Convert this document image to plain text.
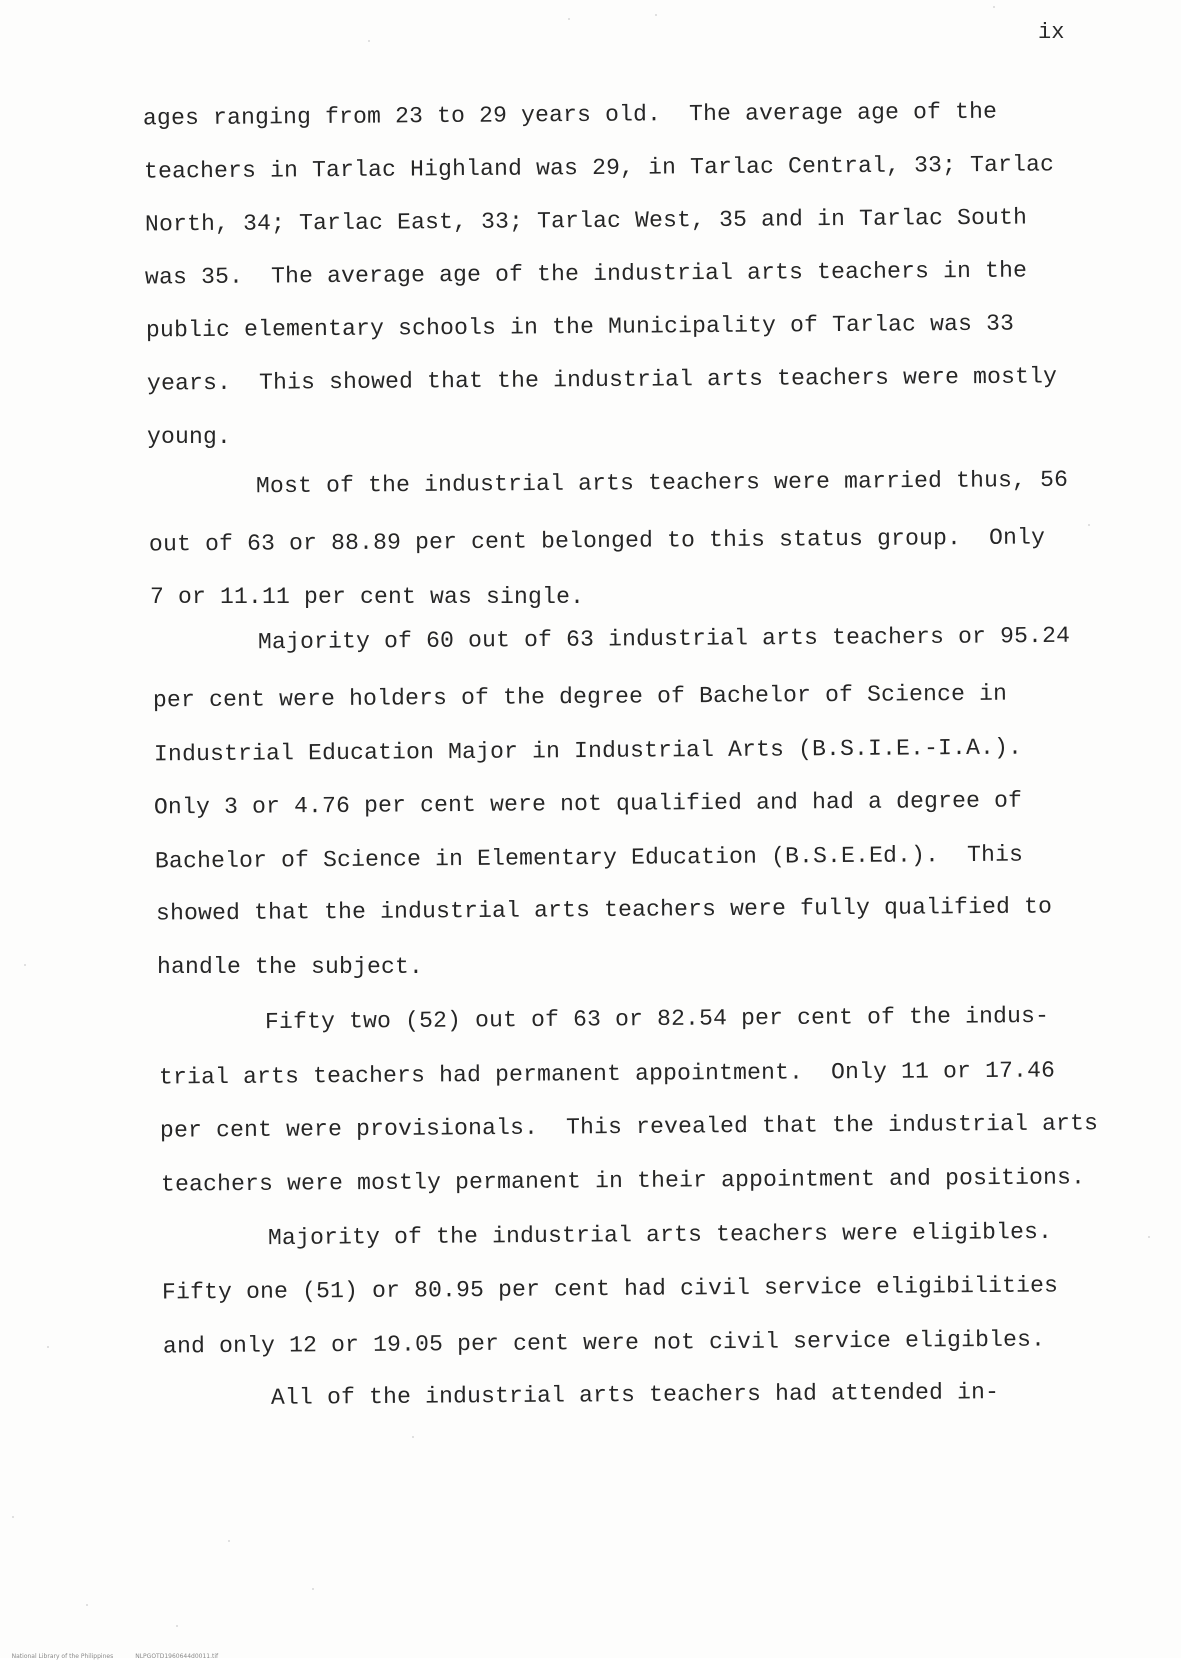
ix
ages ranging from 23 to 29 years old.  The average age of the
teachers in Tarlac Highland was 29, in Tarlac Central, 33; Tarlac
North, 34; Tarlac East, 33; Tarlac West, 35 and in Tarlac South
was 35.  The average age of the industrial arts teachers in the
public elementary schools in the Municipality of Tarlac was 33
years.  This showed that the industrial arts teachers were mostly
young.
Most of the industrial arts teachers were married thus, 56
out of 63 or 88.89 per cent belonged to this status group.  Only
7 or 11.11 per cent was single.
Majority of 60 out of 63 industrial arts teachers or 95.24
per cent were holders of the degree of Bachelor of Science in
Industrial Education Major in Industrial Arts (B.S.I.E.-I.A.).
Only 3 or 4.76 per cent were not qualified and had a degree of
Bachelor of Science in Elementary Education (B.S.E.Ed.).  This
showed that the industrial arts teachers were fully qualified to
handle the subject.
Fifty two (52) out of 63 or 82.54 per cent of the indus-
trial arts teachers had permanent appointment.  Only 11 or 17.46
per cent were provisionals.  This revealed that the industrial arts
teachers were mostly permanent in their appointment and positions.
Majority of the industrial arts teachers were eligibles.
Fifty one (51) or 80.95 per cent had civil service eligibilities
and only 12 or 19.05 per cent were not civil service eligibles.
All of the industrial arts teachers had attended in-

National Library of the Philippines	NLPGOTD1960644d0011.tif
